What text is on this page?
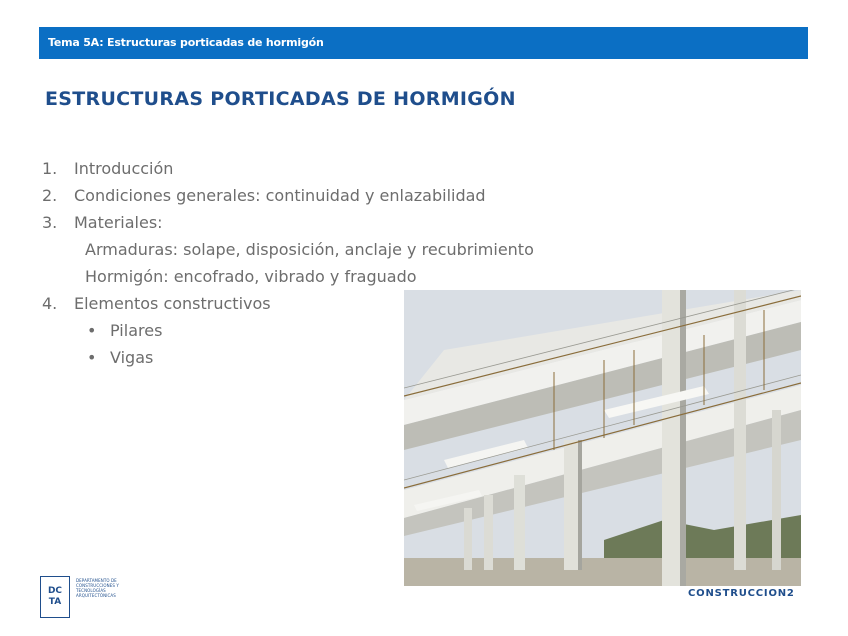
Tema 5A: Estructuras porticadas de hormigón
ESTRUCTURAS PORTICADAS DE HORMIGÓN
1. Introducción
2. Condiciones generales: continuidad y enlazabilidad
3. Materiales:
Armaduras: solape, disposición, anclaje y recubrimiento
Hormigón: encofrado, vibrado y fraguado
4. Elementos constructivos
• Pilares
• Vigas
DC
TA
DEPARTAMENTO DE CONSTRUCCIONES Y TECNOLOGÍAS ARQUITECTÓNICAS	CONSTRUCCION2
